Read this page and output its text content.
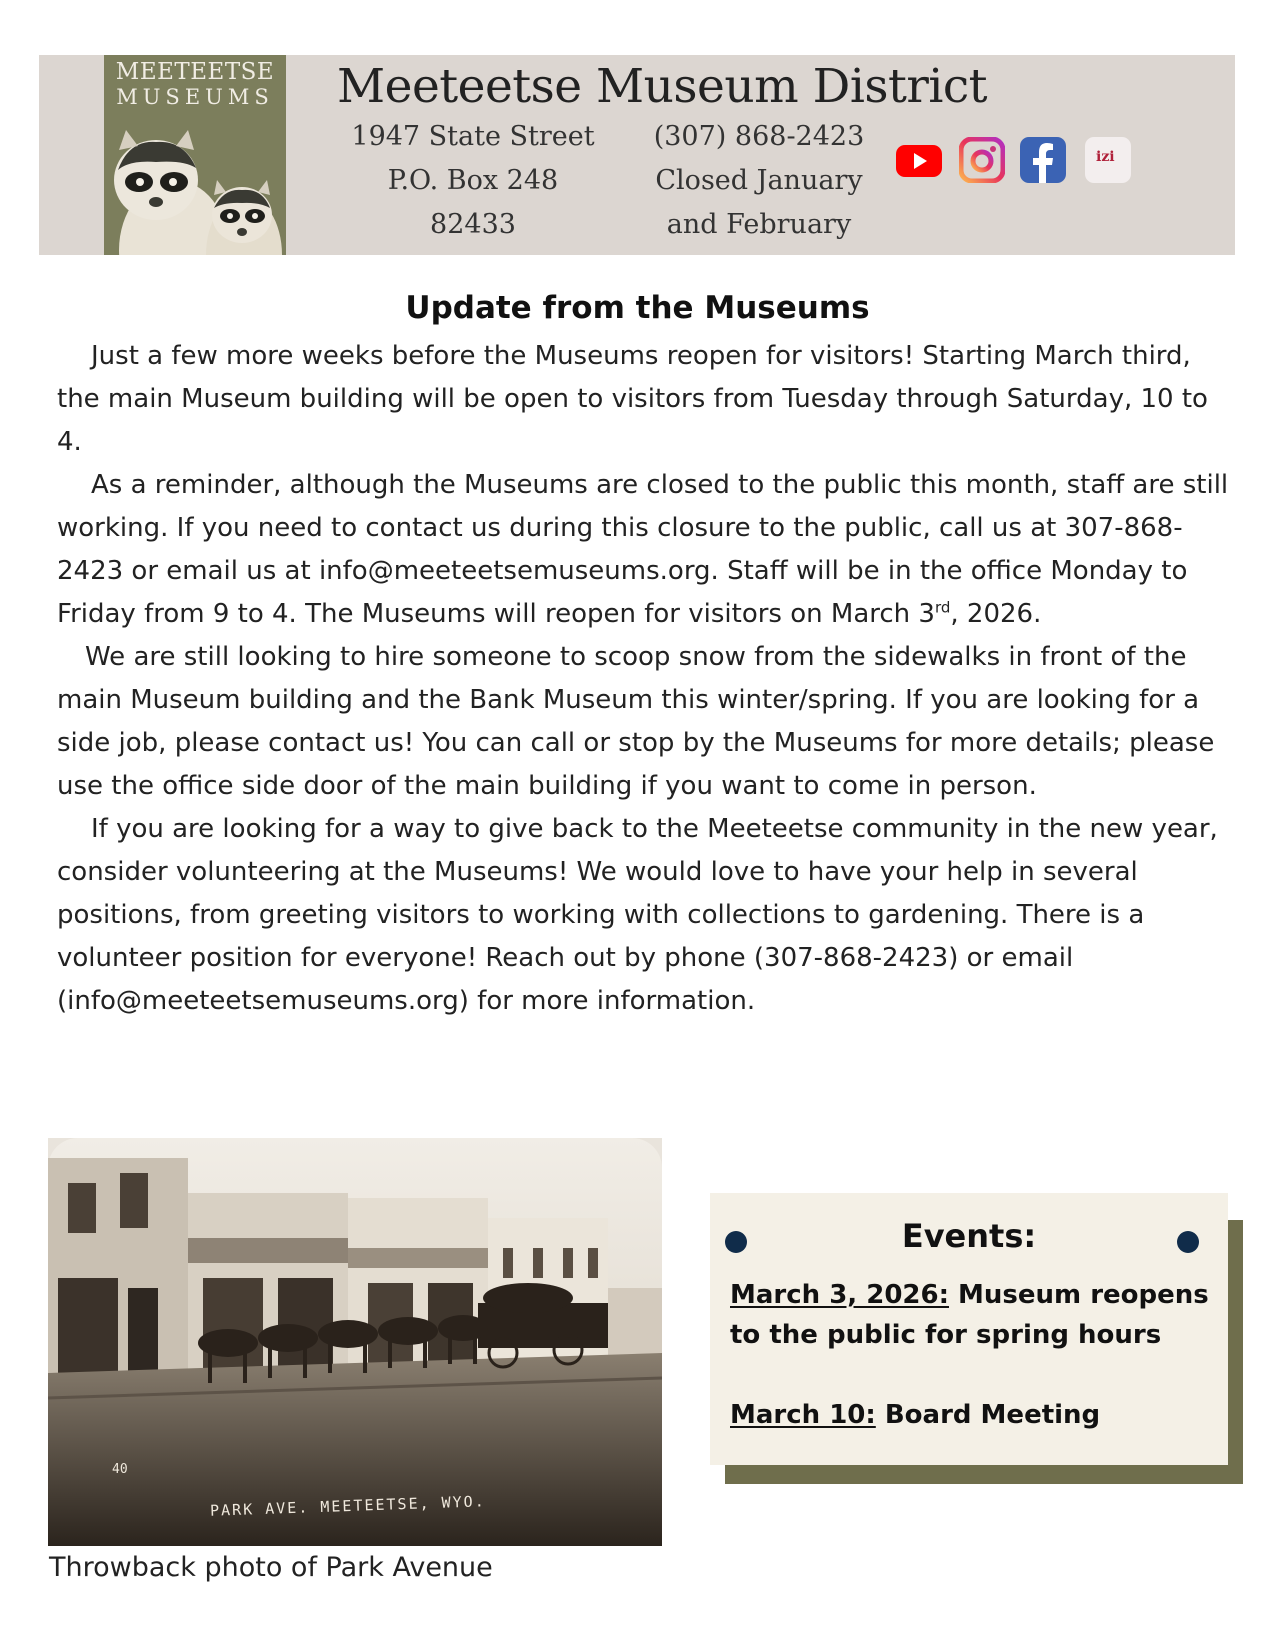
MEETEETSE
MUSEUMS Meeteetse Museum District
1947 State Street
P.O. Box 248
82433
(307) 868-2423
Closed January
and February
izi
Update from the Museums

Just a few more weeks before the Museums reopen for visitors! Starting March third, the main Museum building will be open to visitors from Tuesday through Saturday, 10 to 4.

As a reminder, although the Museums are closed to the public this month, staff are still working. If you need to contact us during this closure to the public, call us at 307-868-2423 or email us at info@meeteetsemuseums.org. Staff will be in the office Monday to Friday from 9 to 4. The Museums will reopen for visitors on March 3rd, 2026.

We are still looking to hire someone to scoop snow from the sidewalks in front of the main Museum building and the Bank Museum this winter/spring. If you are looking for a side job, please contact us! You can call or stop by the Museums for more details; please use the office side door of the main building if you want to come in person.

If you are looking for a way to give back to the Meeteetse community in the new year, consider volunteering at the Museums! We would love to have your help in several positions, from greeting visitors to working with collections to gardening. There is a volunteer position for everyone! Reach out by phone (307-868-2423) or email (info@meeteetsemuseums.org) for more information.

40
PARK AVE. MEETEETSE, WYO.
Throwback photo of Park Avenue
Events:
March 3, 2026: Museum reopens to the public for spring hours
March 10: Board Meeting
